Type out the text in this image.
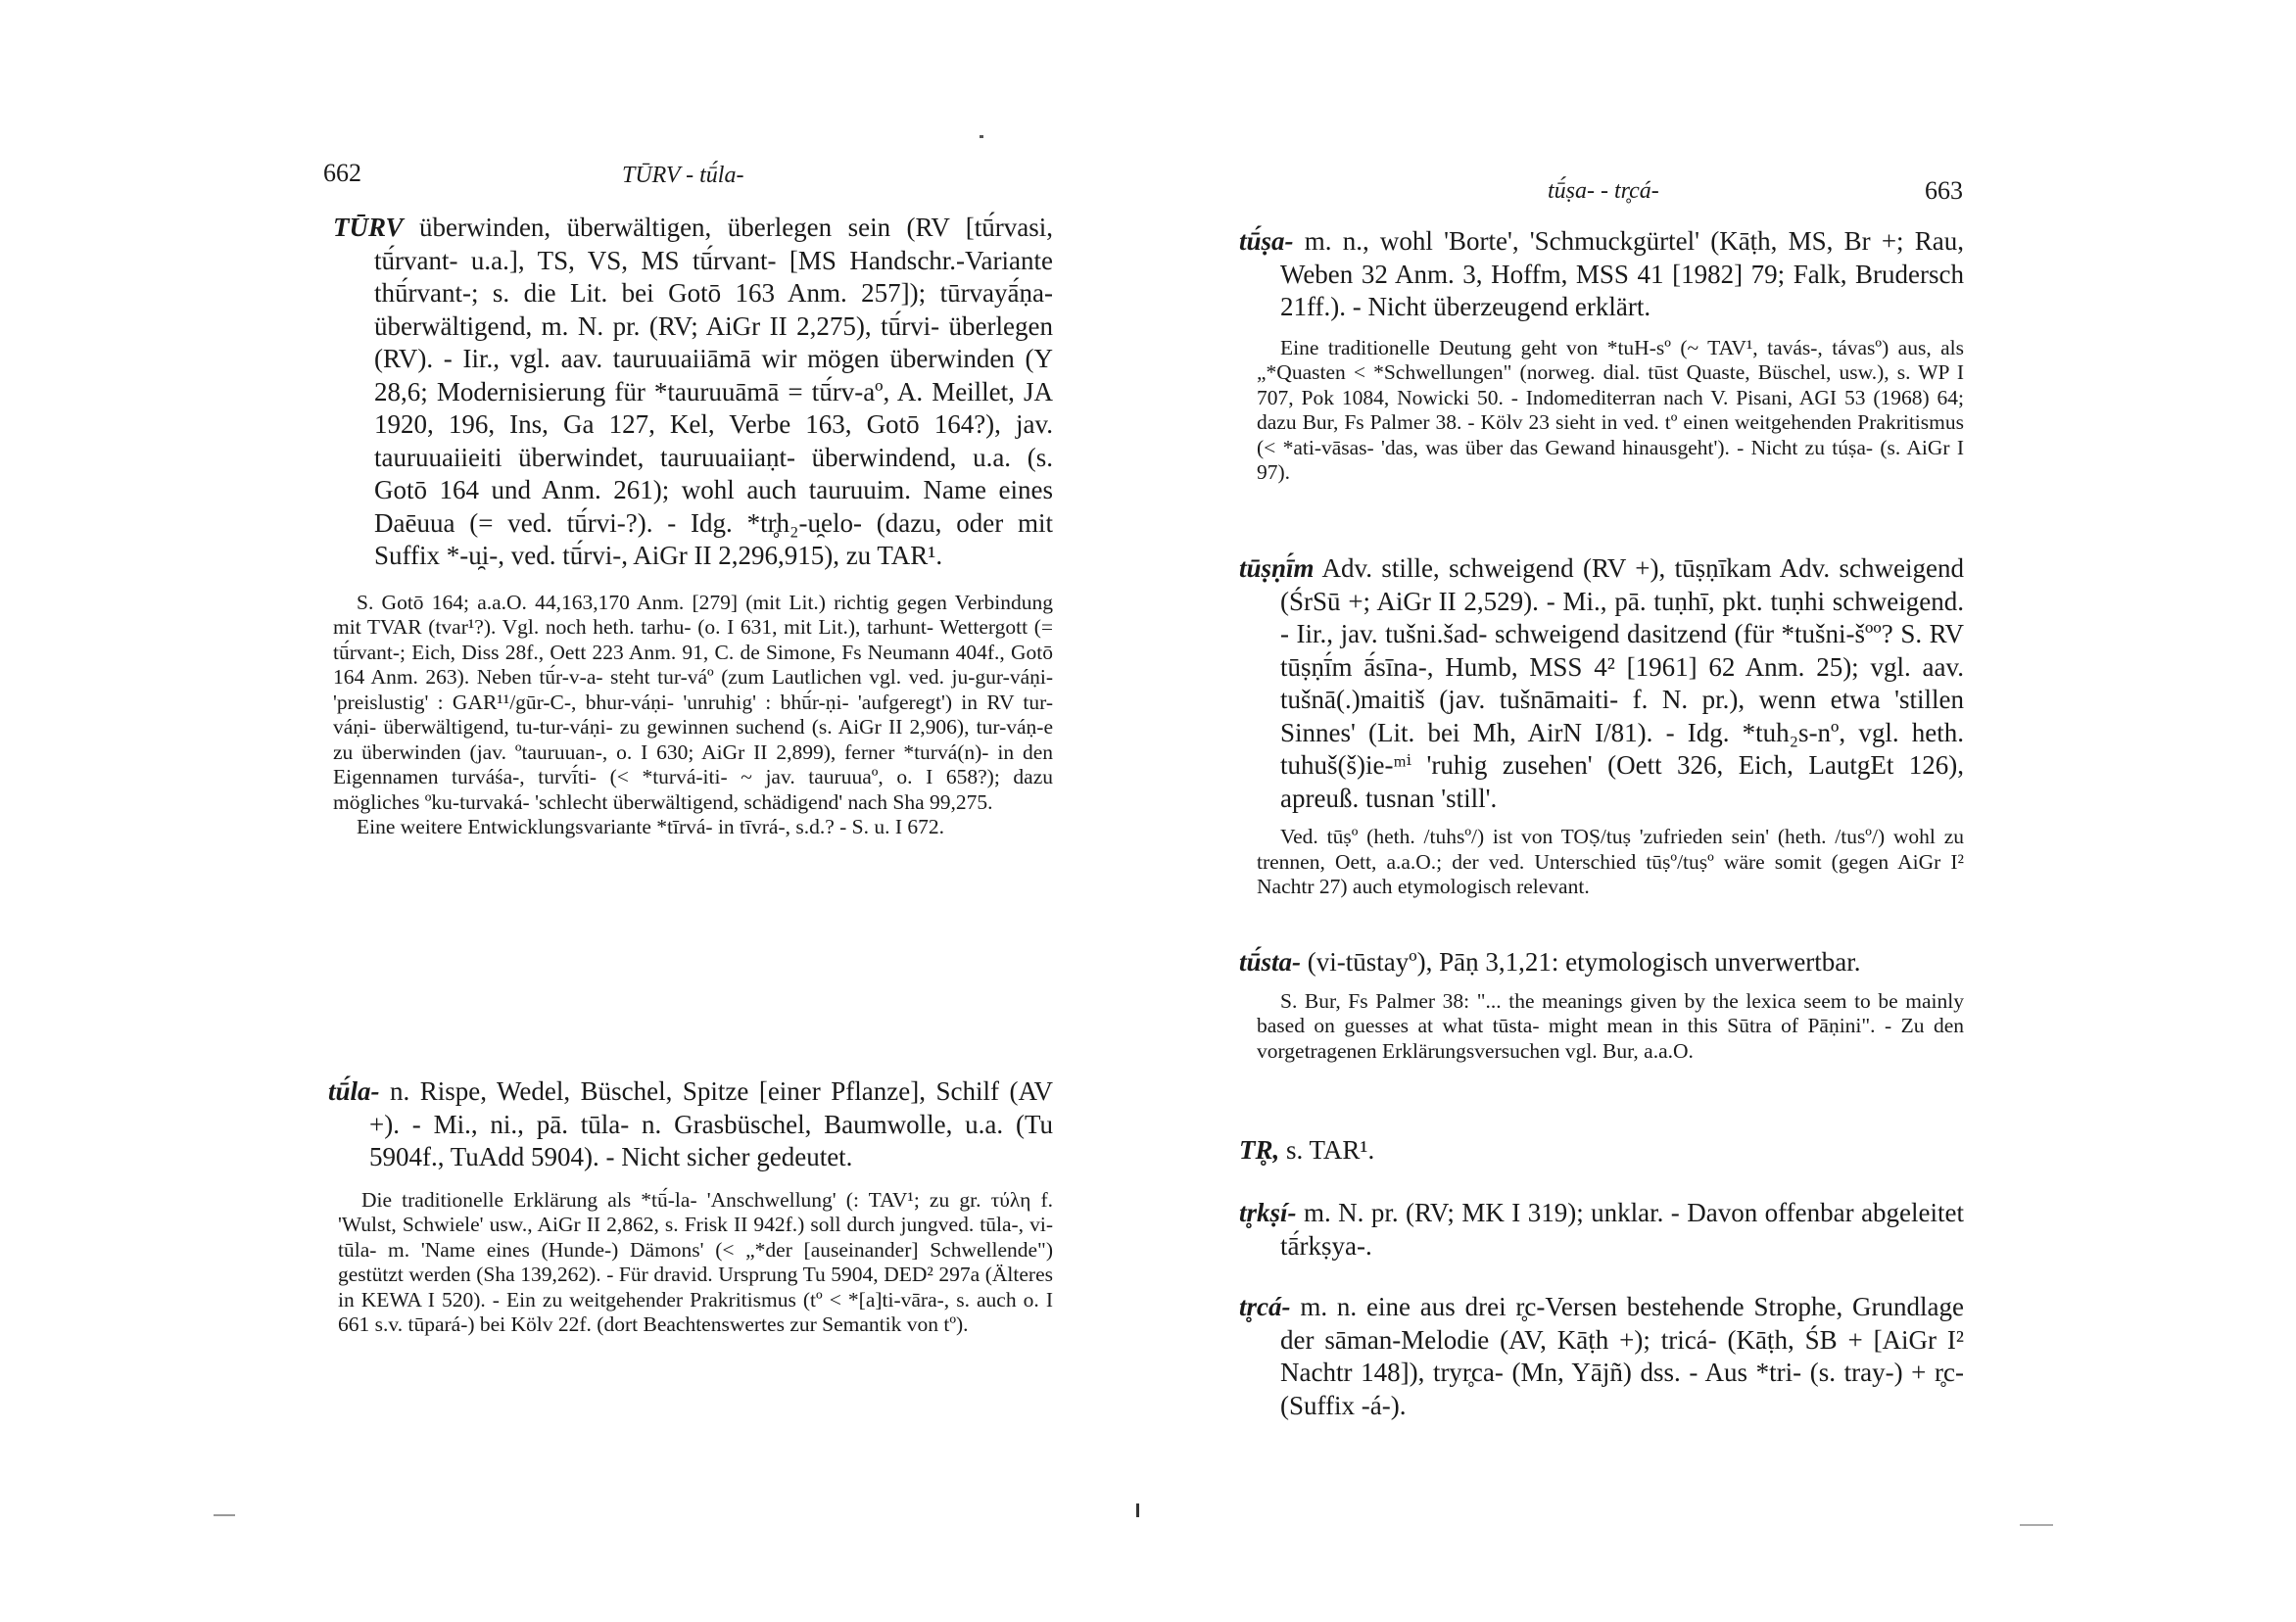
662	TŪRV - tū́la-

TŪRV überwinden, überwältigen, überlegen sein (RV [tū́rvasi, tū́rvant- u.a.], TS, VS, MS tū́rvant- [MS Handschr.-Variante thū́rvant-; s. die Lit. bei Gotō 163 Anm. 257]); tūrvayā́ṇa- überwältigend, m. N. pr. (RV; AiGr II 2,275), tū́rvi- überlegen (RV). - Iir., vgl. aav. tauruuaiiāmā wir mögen überwinden (Y 28,6; Modernisierung für *tauruuāmā = tū́rv-aº, A. Meillet, JA 1920, 196, Ins, Ga 127, Kel, Verbe 163, Gotō 164?), jav. tauruuaiieiti überwindet, tauruuaiiaṇt- überwindend, u.a. (s. Gotō 164 und Anm. 261); wohl auch tauruuim. Name eines Daēuua (= ved. tū́rvi-?). - Idg. *tr̥h₂-u̯elo- (dazu, oder mit Suffix *-u̯i-, ved. tū́rvi-, AiGr II 2,296,915), zu TAR¹.

S. Gotō 164; a.a.O. 44,163,170 Anm. [279] (mit Lit.) richtig gegen Verbindung mit TVAR (tvar¹?). Vgl. noch heth. tarhu- (o. I 631, mit Lit.), tarhunt- Wettergott (= tū́rvant-; Eich, Diss 28f., Oett 223 Anm. 91, C. de Simone, Fs Neumann 404f., Gotō 164 Anm. 263). Neben tū́r-v-a- steht tur-váº (zum Lautlichen vgl. ved. ju-gur-váṇi- 'preislustig' : GAR¹¹/gūr-C-, bhur-váṇi- 'unruhig' : bhū́r-ṇi- 'aufgeregt') in RV tur-váṇi- überwältigend, tu-tur-váṇi- zu gewinnen suchend (s. AiGr II 2,906), tur-váṇ-e zu überwinden (jav. ºtauruuan-, o. I 630; AiGr II 2,899), ferner *turvá(n)- in den Eigennamen turváśa-, turvī́ti- (< *turvá-iti- ~ jav. tauruuaº, o. I 658?); dazu mögliches ºku-turvaká- 'schlecht überwältigend, schädigend' nach Sha 99,275.

Eine weitere Entwicklungsvariante *tīrvá- in tīvrá-, s.d.? - S. u. I 672.

tū́la- n. Rispe, Wedel, Büschel, Spitze [einer Pflanze], Schilf (AV +). - Mi., ni., pā. tūla- n. Grasbüschel, Baumwolle, u.a. (Tu 5904f., TuAdd 5904). - Nicht sicher gedeutet.

Die traditionelle Erklärung als *tū́-la- 'Anschwellung' (: TAV¹; zu gr. τύλη f. 'Wulst, Schwiele' usw., AiGr II 2,862, s. Frisk II 942f.) soll durch jungved. tūla-, vi-tūla- m. 'Name eines (Hunde-) Dämons' (< „*der [auseinander] Schwellende") gestützt werden (Sha 139,262). - Für dravid. Ursprung Tu 5904, DED² 297a (Älteres in KEWA I 520). - Ein zu weitgehender Prakritismus (tº < *[a]ti-vāra-, s. auch o. I 661 s.v. tūpará-) bei Kölv 22f. (dort Beachtenswertes zur Semantik von tº).

tū́ṣa- - tr̥cá-	663

tū́ṣa- m. n., wohl 'Borte', 'Schmuckgürtel' (Kāṭh, MS, Br +; Rau, Weben 32 Anm. 3, Hoffm, MSS 41 [1982] 79; Falk, Brudersch 21ff.). - Nicht überzeugend erklärt.

Eine traditionelle Deutung geht von *tuH-sº (~ TAV¹, tavás-, távasº) aus, als „*Quasten < *Schwellungen" (norweg. dial. tūst Quaste, Büschel, usw.), s. WP I 707, Pok 1084, Nowicki 50. - Indomediterran nach V. Pisani, AGI 53 (1968) 64; dazu Bur, Fs Palmer 38. - Kölv 23 sieht in ved. tº einen weitgehenden Prakritismus (< *ati-vāsas- 'das, was über das Gewand hinausgeht'). - Nicht zu túṣa- (s. AiGr I 97).

tūṣṇī́m Adv. stille, schweigend (RV +), tūṣṇīkam Adv. schweigend (ŚrSū +; AiGr II 2,529). - Mi., pā. tuṇhī, pkt. tuṇhi schweigend. - Iir., jav. tušni.šad- schweigend dasitzend (für *tušni-šºº? S. RV tūṣṇī́m ā́sīna-, Humb, MSS 4² [1961] 62 Anm. 25); vgl. aav. tušnā(.)maitiš (jav. tušnāmaiti- f. N. pr.), wenn etwa 'stillen Sinnes' (Lit. bei Mh, AirN I/81). - Idg. *tuh₂s-nº, vgl. heth. tuhuš(š)ie-ᵐⁱ 'ruhig zusehen' (Oett 326, Eich, LautgEt 126), apreuß. tusnan 'still'.

Ved. tūṣº (heth. /tuhsº/) ist von TOṢ/tuṣ 'zufrieden sein' (heth. /tusº/) wohl zu trennen, Oett, a.a.O.; der ved. Unterschied tūṣº/tuṣº wäre somit (gegen AiGr I² Nachtr 27) auch etymologisch relevant.

tū́sta- (vi-tūstayº), Pāṇ 3,1,21: etymologisch unverwertbar.

S. Bur, Fs Palmer 38: "... the meanings given by the lexica seem to be mainly based on guesses at what tūsta- might mean in this Sūtra of Pāṇini". - Zu den vorgetragenen Erklärungsversuchen vgl. Bur, a.a.O.

TR̥, s. TAR¹.

tr̥kṣí- m. N. pr. (RV; MK I 319); unklar. - Davon offenbar abgeleitet tā́rkṣya-.

tr̥cá- m. n. eine aus drei r̥c-Versen bestehende Strophe, Grundlage der sāman-Melodie (AV, Kāṭh +); tricá- (Kāṭh, ŚB + [AiGr I² Nachtr 148]), tryr̥ca- (Mn, Yājñ) dss. - Aus *tri- (s. tray-) + r̥c- (Suffix -á-).
